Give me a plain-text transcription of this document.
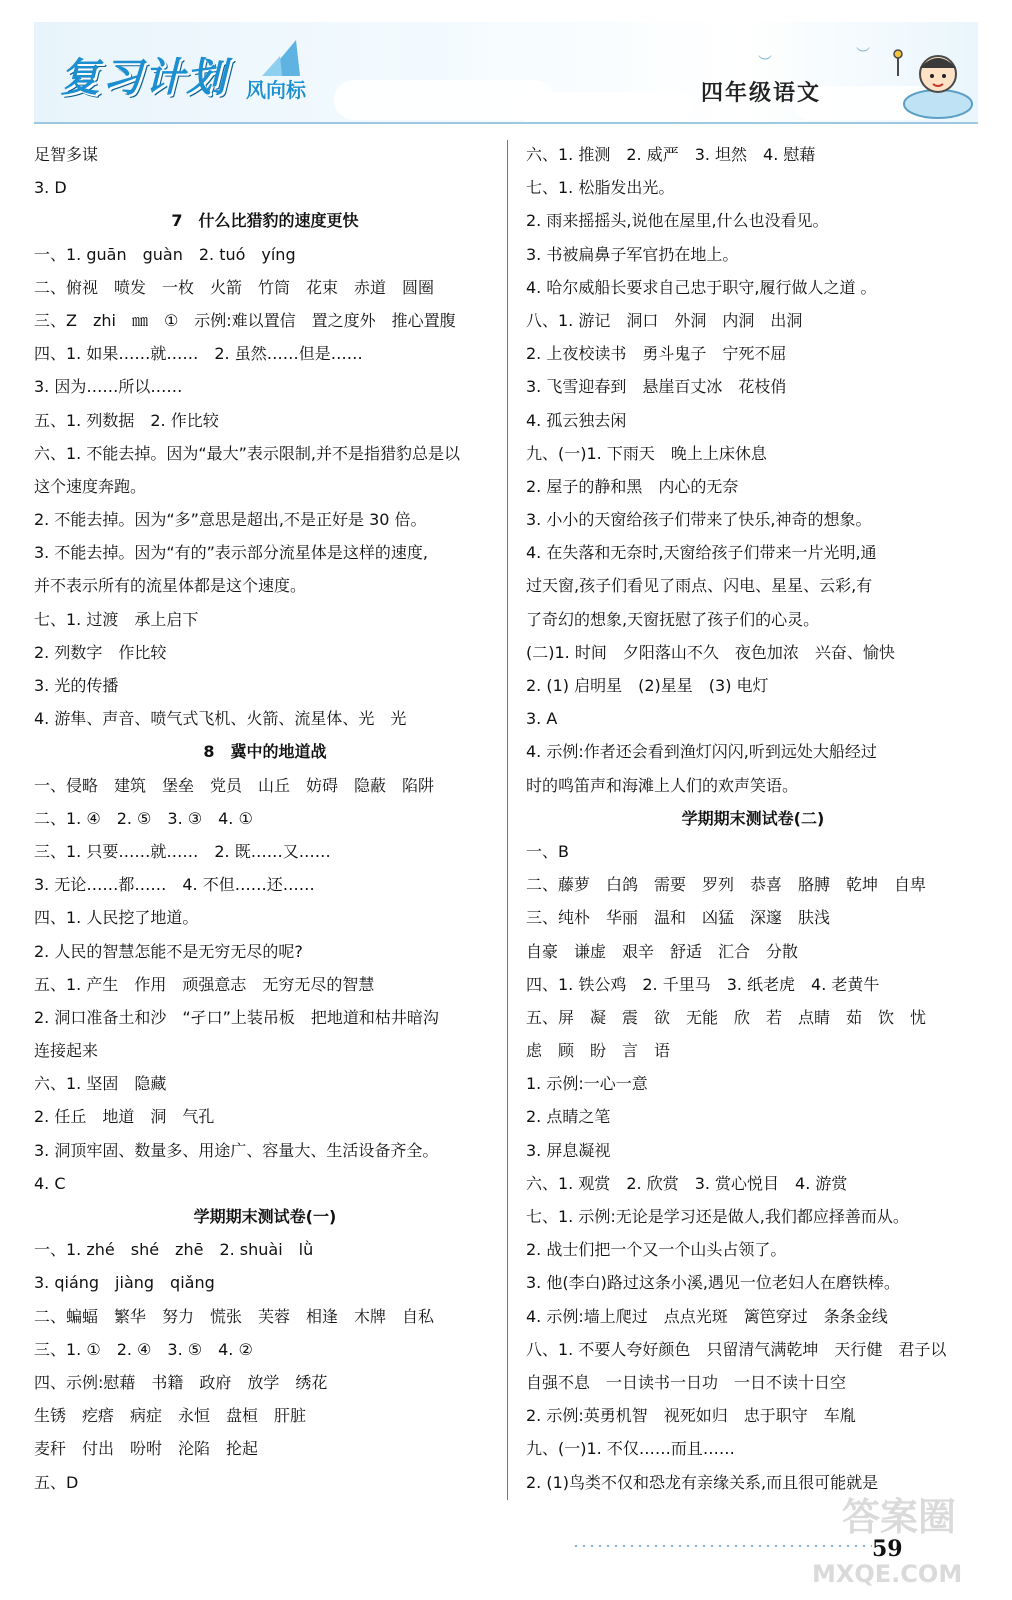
复习计划 风向标
︶	︶
四年级语文
足智多谋
3. D
7　什么比猎豹的速度更快
一、1. guān　guàn　2. tuó　yíng
二、俯视　喷发　一枚　火箭　竹筒　花束　赤道　圆圈
三、Z　zhi　㎜　①　示例:难以置信　置之度外　推心置腹
四、1. 如果……就……　2. 虽然……但是……
3. 因为……所以……
五、1. 列数据　2. 作比较
六、1. 不能去掉。因为“最大”表示限制,并不是指猎豹总是以
这个速度奔跑。
2. 不能去掉。因为“多”意思是超出,不是正好是 30 倍。
3. 不能去掉。因为“有的”表示部分流星体是这样的速度,
并不表示所有的流星体都是这个速度。
七、1. 过渡　承上启下
2. 列数字　作比较
3. 光的传播
4. 游隼、声音、喷气式飞机、火箭、流星体、光　光
8　冀中的地道战
一、侵略　建筑　堡垒　党员　山丘　妨碍　隐蔽　陷阱
二、1. ④　2. ⑤　3. ③　4. ①
三、1. 只要……就……　2. 既……又……
3. 无论……都……　4. 不但……还……
四、1. 人民挖了地道。
2. 人民的智慧怎能不是无穷无尽的呢?
五、1. 产生　作用　顽强意志　无穷无尽的智慧
2. 洞口准备土和沙　“孑口”上装吊板　把地道和枯井暗沟
连接起来
六、1. 坚固　隐藏
2. 任丘　地道　洞　气孔
3. 洞顶牢固、数量多、用途广、容量大、生活设备齐全。
4. C
学期期末测试卷(一)
一、1. zhé　shé　zhē　2. shuài　lǜ
3. qiáng　jiàng　qiǎng
二、蝙蝠　繁华　努力　慌张　芙蓉　相逢　木牌　自私
三、1. ①　2. ④　3. ⑤　4. ②
四、示例:慰藉　书籍　政府　放学　绣花
生锈　疙瘩　病症　永恒　盘桓　肝脏
麦秆　付出　吩咐　沦陷　抡起
五、D
六、1. 推测　2. 威严　3. 坦然　4. 慰藉
七、1. 松脂发出光。
2. 雨来摇摇头,说他在屋里,什么也没看见。
3. 书被扁鼻子军官扔在地上。
4. 哈尔威船长要求自己忠于职守,履行做人之道 。
八、1. 游记　洞口　外洞　内洞　出洞
2. 上夜校读书　勇斗鬼子　宁死不屈
3. 飞雪迎春到　悬崖百丈冰　花枝俏
4. 孤云独去闲
九、(一)1. 下雨天　晚上上床休息
2. 屋子的静和黑　内心的无奈
3. 小小的天窗给孩子们带来了快乐,神奇的想象。
4. 在失落和无奈时,天窗给孩子们带来一片光明,通
过天窗,孩子们看见了雨点、闪电、星星、云彩,有
了奇幻的想象,天窗抚慰了孩子们的心灵。
(二)1. 时间　夕阳落山不久　夜色加浓　兴奋、愉快
2. (1) 启明星　(2)星星　(3) 电灯
3. A
4. 示例:作者还会看到渔灯闪闪,听到远处大船经过
时的鸣笛声和海滩上人们的欢声笑语。
学期期末测试卷(二)
一、B
二、藤萝　白鸽　需要　罗列　恭喜　胳膊　乾坤　自卑
三、纯朴　华丽　温和　凶猛　深邃　肤浅
自豪　谦虚　艰辛　舒适　汇合　分散
四、1. 铁公鸡　2. 千里马　3. 纸老虎　4. 老黄牛
五、屏　凝　震　欲　无能　欣　若　点睛　茹　饮　忧
虑　顾　盼　言　语
1. 示例:一心一意
2. 点睛之笔
3. 屏息凝视
六、1. 观赏　2. 欣赏　3. 赏心悦目　4. 游赏
七、1. 示例:无论是学习还是做人,我们都应择善而从。
2. 战士们把一个又一个山头占领了。
3. 他(李白)路过这条小溪,遇见一位老妇人在磨铁棒。
4. 示例:墙上爬过　点点光斑　篱笆穿过　条条金线
八、1. 不要人夸好颜色　只留清气满乾坤　天行健　君子以
自强不息　一日读书一日功　一日不读十日空
2. 示例:英勇机智　视死如归　忠于职守　车胤
九、(一)1. 不仅……而且……
2. (1)鸟类不仅和恐龙有亲缘关系,而且很可能就是
59
答案圈
MXQE.COM
